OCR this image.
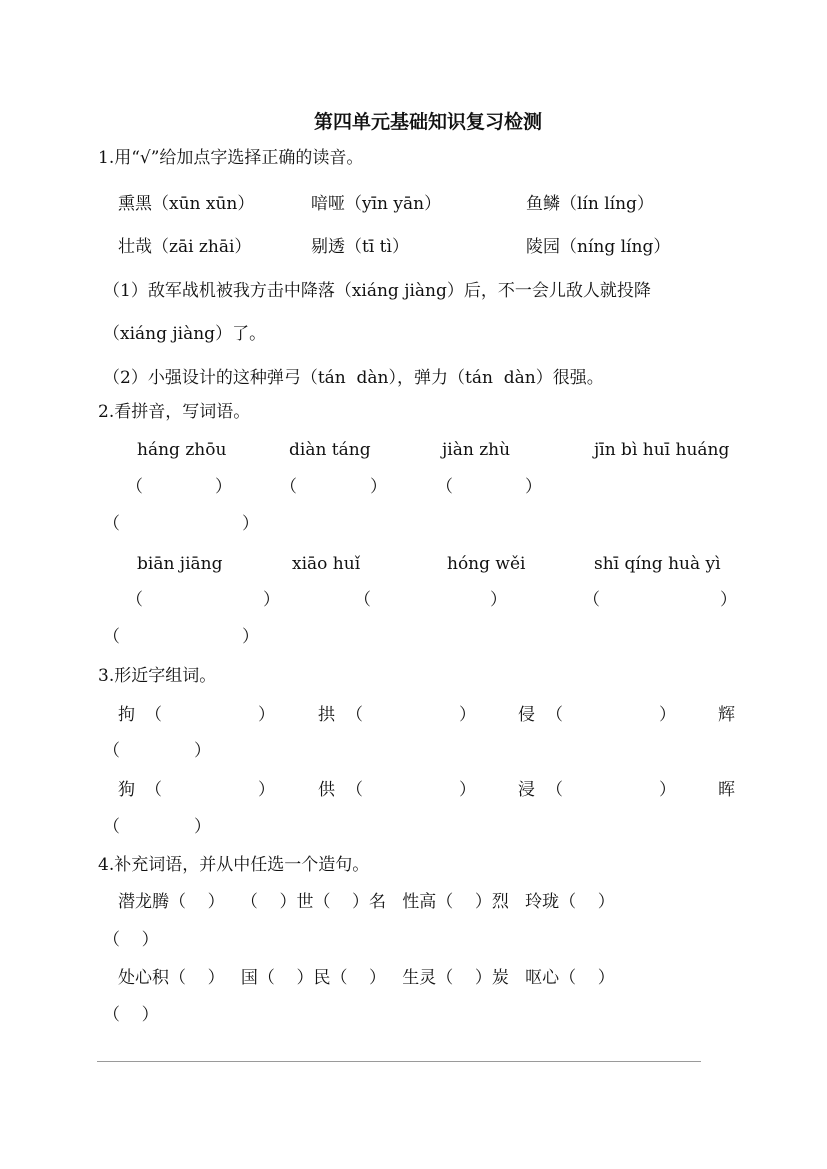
第四单元基础知识复习检测
1.用“√”给加点字选择正确的读音。
熏黑（xūn xūn）	喑哑（yīn yān）	鱼鳞（lín líng）
壮哉（zāi zhāi）	剔透（tī tì）	陵园（níng líng）
（1）敌军战机被我方击中降落（xiáng jiàng）后，不一会儿敌人就投降
（xiáng jiàng）了。
（2）小强设计的这种弹弓（tán  dàn），弹力（tán  dàn）很强。
2.看拼音，写词语。
háng zhōu	diàn táng	jiàn zhù	jīn bì huī huáng
（	）	（	）	（	）
（	）
biān jiāng	xiāo huǐ	hóng wěi	shī qíng huà yì
（	）	（	）	（	）
（	）
3.形近字组词。
拘 （	）	拱 （	） 侵 （	） 辉
（	）
狗 （	）	供 （	） 浸 （	） 晖
（	）
4.补充词语，并从中任选一个造句。
潜龙腾（    ）   （    ）世（    ）名   性高（    ）烈   玲珑（    ）
（    ）
处心积（    ）   国（    ）民（    ）   生灵（    ）炭   呕心（    ）
（    ）
